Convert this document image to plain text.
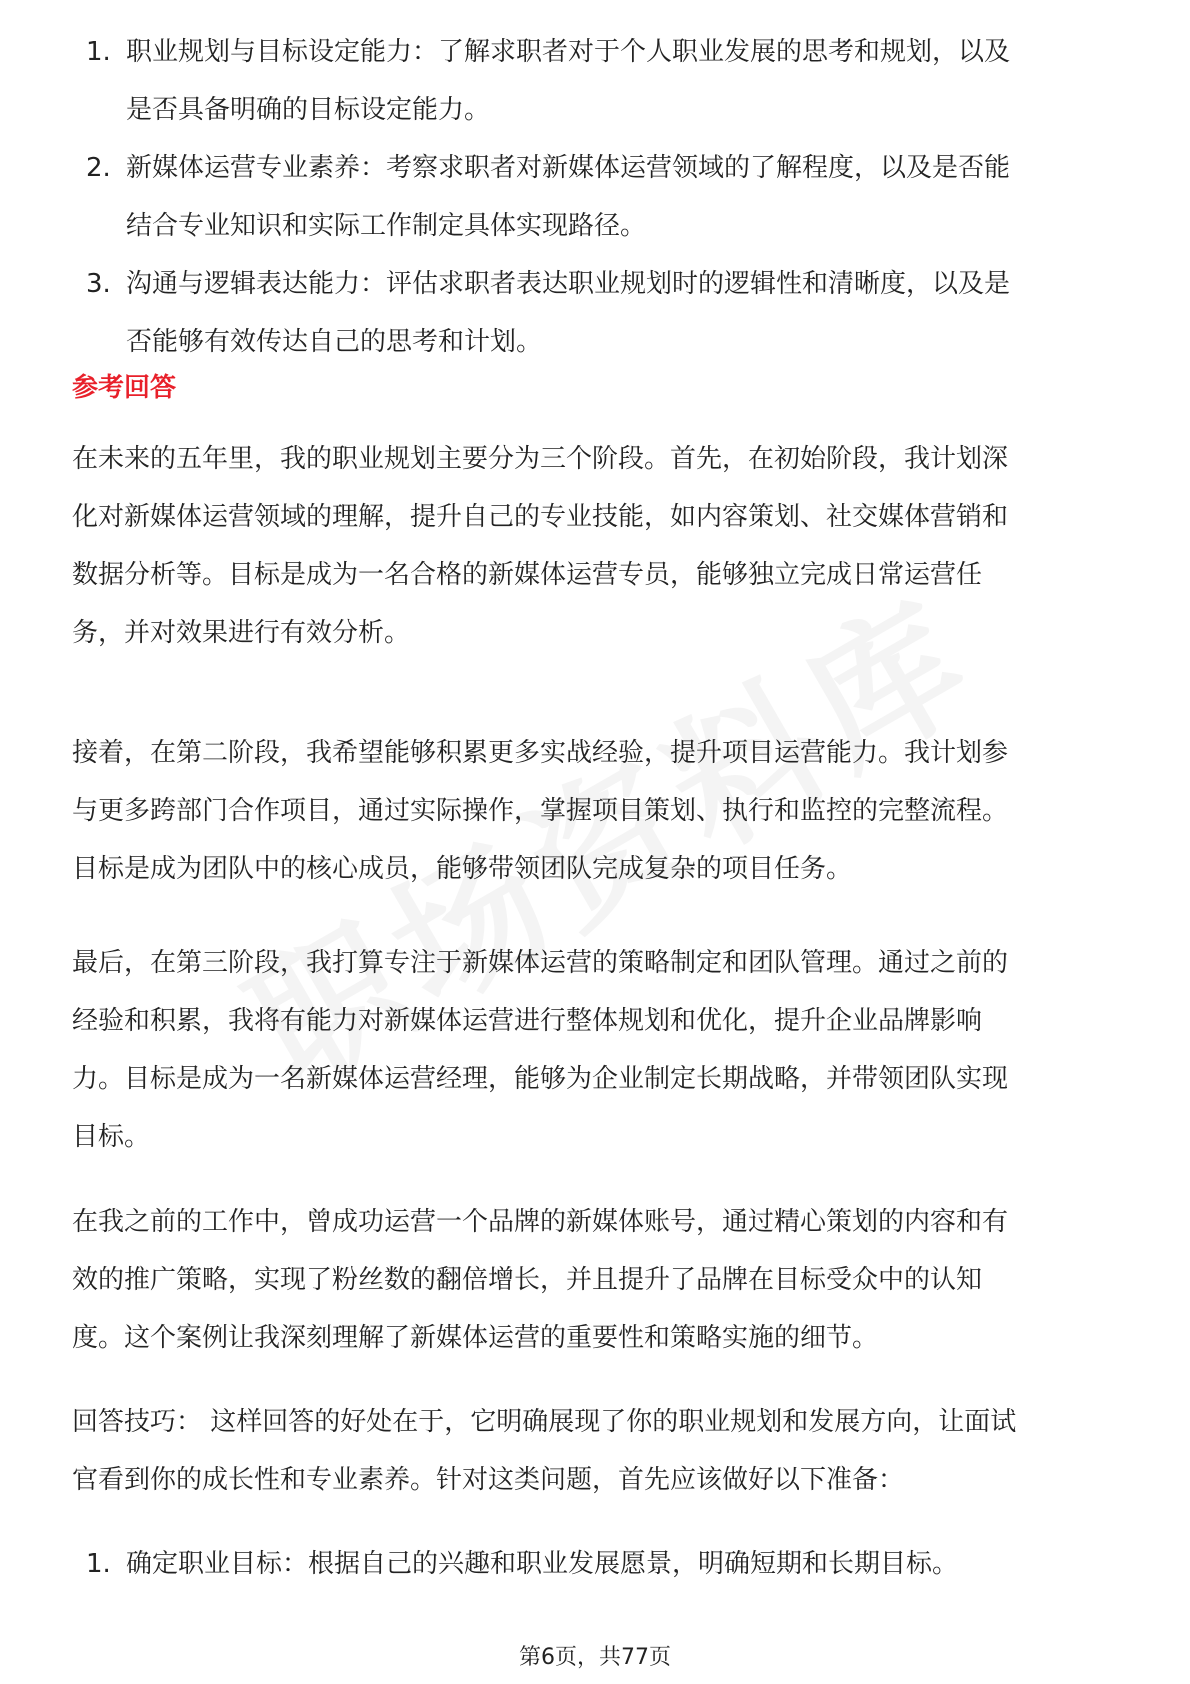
1. 职业规划与目标设定能力：了解求职者对于个人职业发展的思考和规划，以及
是否具备明确的目标设定能力。
2. 新媒体运营专业素养：考察求职者对新媒体运营领域的了解程度，以及是否能
结合专业知识和实际工作制定具体实现路径。
3. 沟通与逻辑表达能力：评估求职者表达职业规划时的逻辑性和清晰度，以及是
否能够有效传达自己的思考和计划。
参考回答
在未来的五年里，我的职业规划主要分为三个阶段。首先，在初始阶段，我计划深
化对新媒体运营领域的理解，提升自己的专业技能，如内容策划、社交媒体营销和
数据分析等。目标是成为一名合格的新媒体运营专员，能够独立完成日常运营任
务，并对效果进行有效分析。
接着，在第二阶段，我希望能够积累更多实战经验，提升项目运营能力。我计划参
与更多跨部门合作项目，通过实际操作，掌握项目策划、执行和监控的完整流程。
目标是成为团队中的核心成员，能够带领团队完成复杂的项目任务。
最后，在第三阶段，我打算专注于新媒体运营的策略制定和团队管理。通过之前的
经验和积累，我将有能力对新媒体运营进行整体规划和优化，提升企业品牌影响
力。目标是成为一名新媒体运营经理，能够为企业制定长期战略，并带领团队实现
目标。
在我之前的工作中，曾成功运营一个品牌的新媒体账号，通过精心策划的内容和有
效的推广策略，实现了粉丝数的翻倍增长，并且提升了品牌在目标受众中的认知
度。这个案例让我深刻理解了新媒体运营的重要性和策略实施的细节。
回答技巧： 这样回答的好处在于，它明确展现了你的职业规划和发展方向，让面试
官看到你的成长性和专业素养。针对这类问题，首先应该做好以下准备：
1. 确定职业目标：根据自己的兴趣和职业发展愿景，明确短期和长期目标。
第6页，共77页
